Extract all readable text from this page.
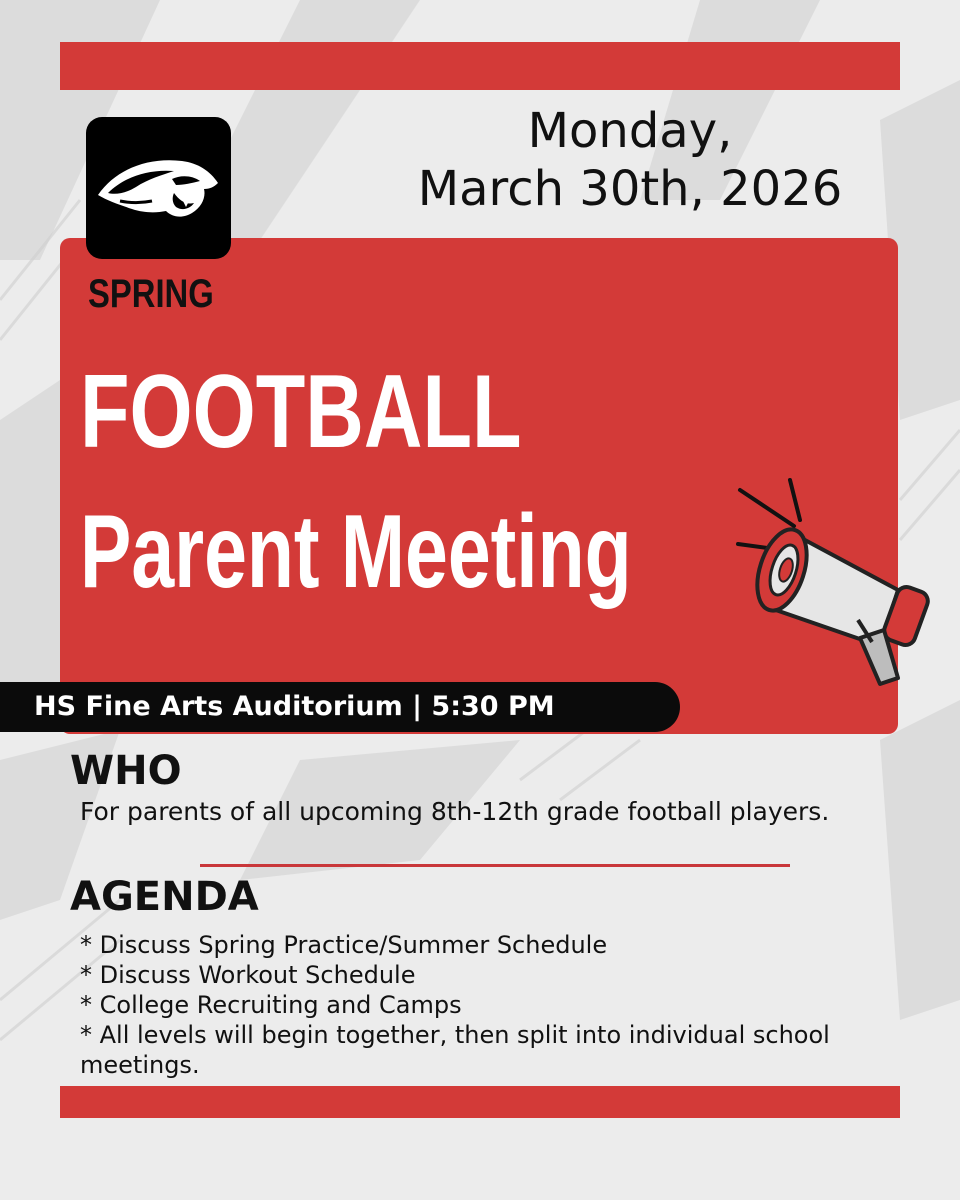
Monday,
March 30th, 2026
SPRING
FOOTBALL
Parent Meeting
HS Fine Arts Auditorium | 5:30 PM
WHO
For parents of all upcoming 8th-12th grade football players.
AGENDA
* Discuss Spring Practice/Summer Schedule
* Discuss Workout Schedule
* College Recruiting and Camps
* All levels will begin together, then split into individual school meetings.
